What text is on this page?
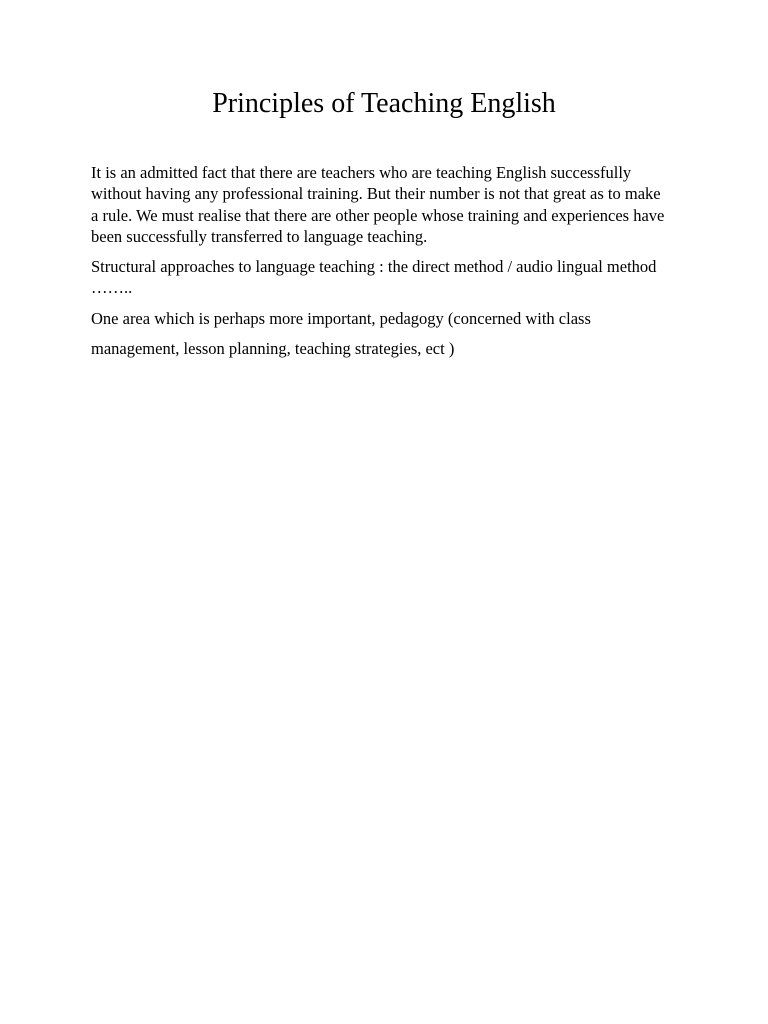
Principles of Teaching English

It is an admitted fact that there are teachers who are teaching English successfully without having any professional training. But their number is not that great as to make a rule. We must realise that there are other people whose training and experiences have been successfully transferred to language teaching.

Structural approaches to language teaching : the direct method / audio lingual method ……..

One area which is perhaps more important, pedagogy (concerned with class management, lesson planning, teaching strategies, ect )
